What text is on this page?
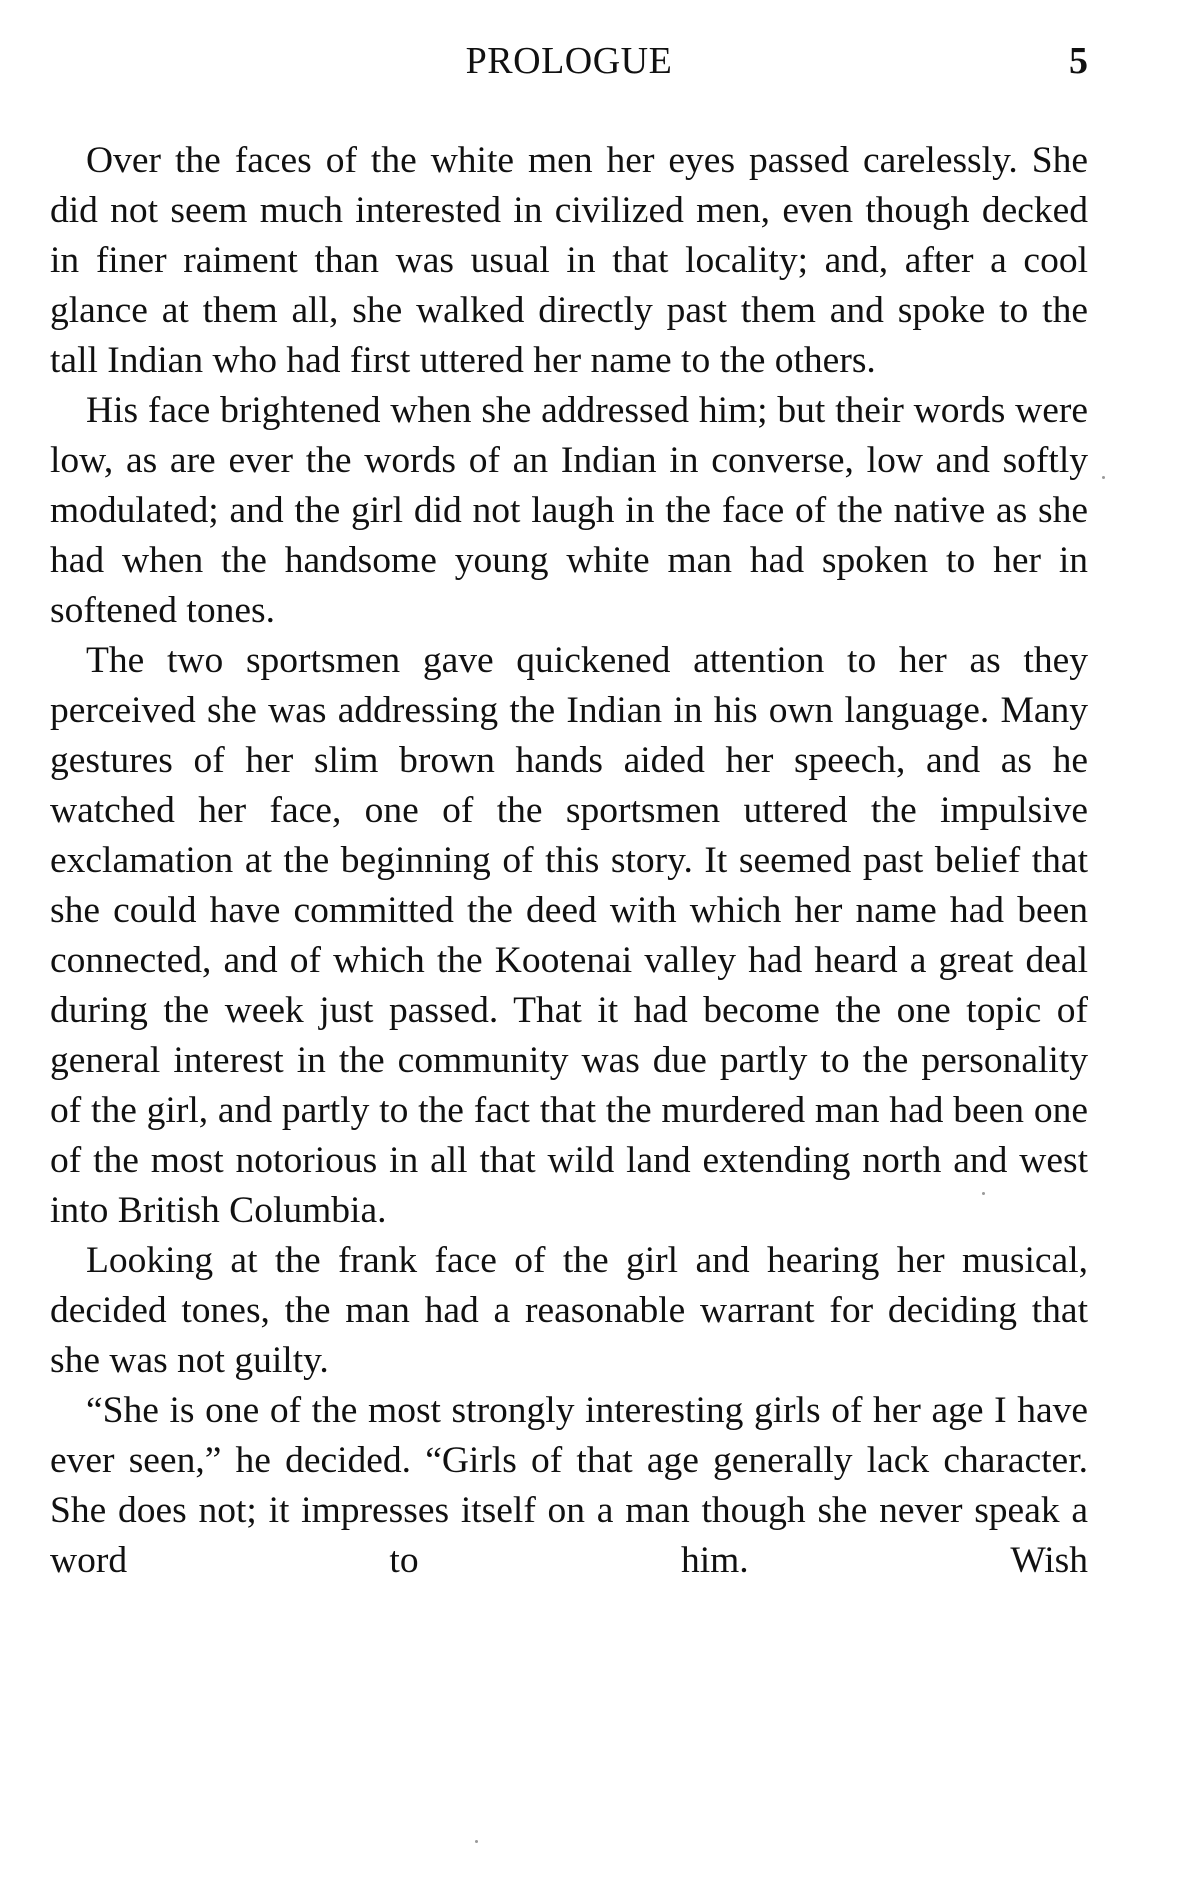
PROLOGUE	5

Over the faces of the white men her eyes passed carelessly. She did not seem much interested in civilized men, even though decked in finer raiment than was usual in that locality; and, after a cool glance at them all, she walked directly past them and spoke to the tall Indian who had first uttered her name to the others.

His face brightened when she addressed him; but their words were low, as are ever the words of an Indian in converse, low and softly modulated; and the girl did not laugh in the face of the native as she had when the handsome young white man had spoken to her in softened tones.

The two sportsmen gave quickened attention to her as they perceived she was addressing the Indian in his own language. Many gestures of her slim brown hands aided her speech, and as he watched her face, one of the sportsmen uttered the impulsive exclamation at the beginning of this story. It seemed past belief that she could have committed the deed with which her name had been connected, and of which the Kootenai valley had heard a great deal during the week just passed. That it had become the one topic of general interest in the community was due partly to the personality of the girl, and partly to the fact that the murdered man had been one of the most notorious in all that wild land extending north and west into British Columbia.

Looking at the frank face of the girl and hearing her musical, decided tones, the man had a reasonable warrant for deciding that she was not guilty.

“She is one of the most strongly interesting girls of her age I have ever seen,” he decided. “Girls of that age generally lack character. She does not; it impresses itself on a man though she never speak a word to him. Wish
